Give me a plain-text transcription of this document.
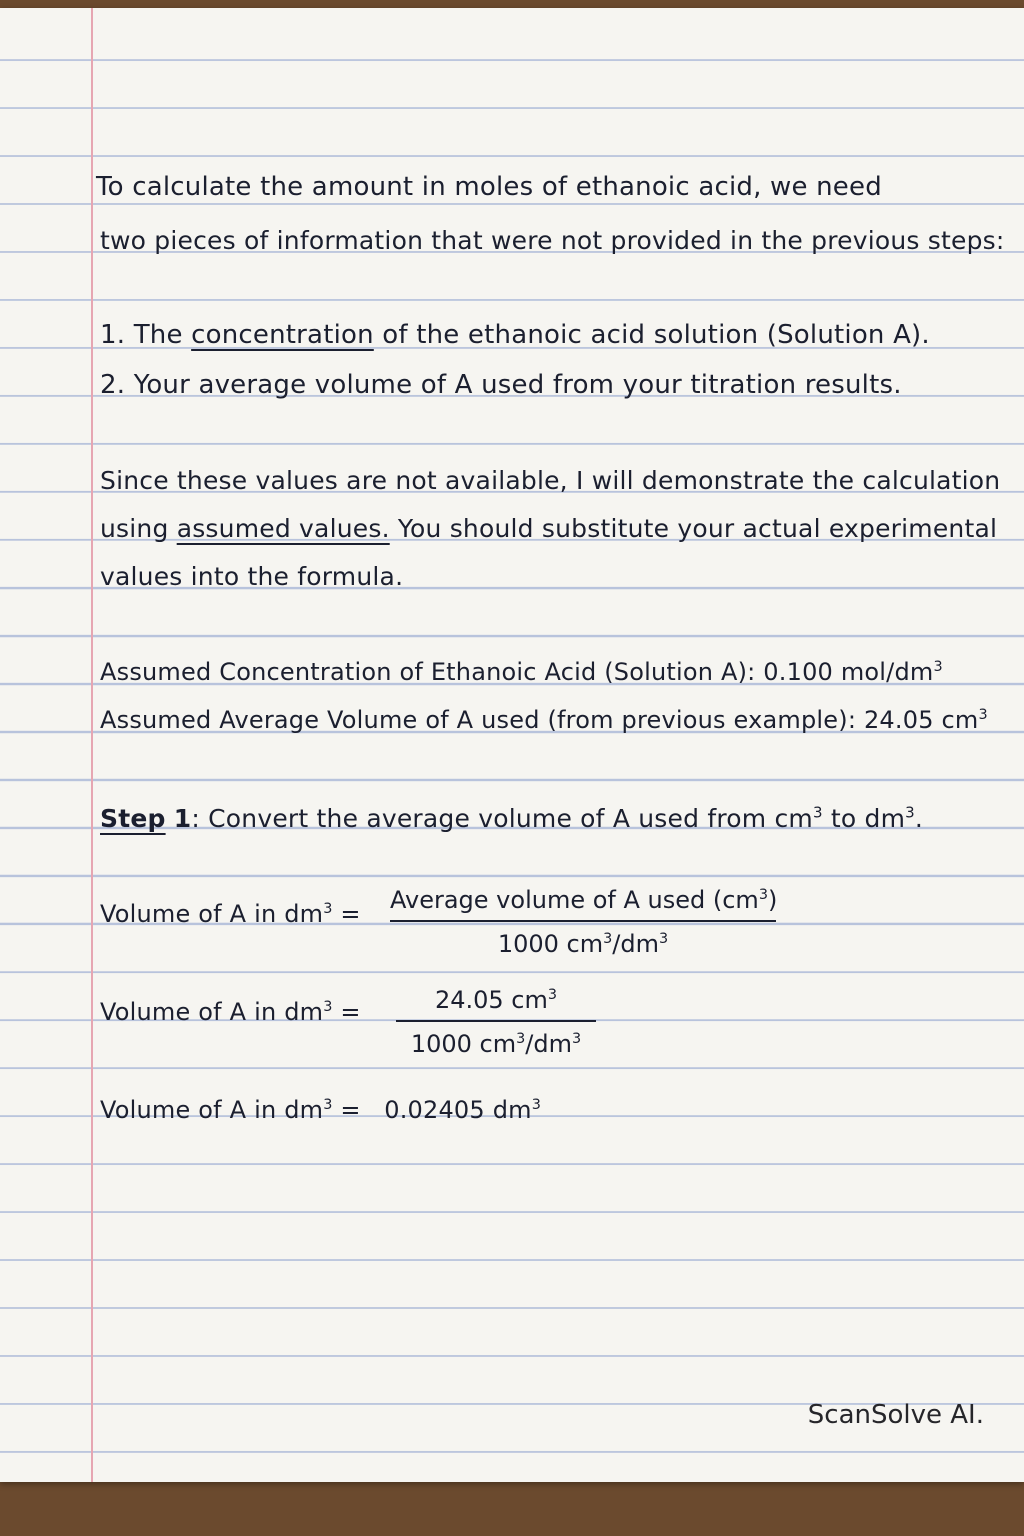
To calculate the amount in moles of ethanoic acid, we need
two pieces of information that were not provided in the previous steps:
1. The concentration of the ethanoic acid solution (Solution A).
2. Your average volume of A used from your titration results.
Since these values are not available, I will demonstrate the calculation
using assumed values. You should substitute your actual experimental
values into the formula.
Assumed Concentration of Ethanoic Acid (Solution A): 0.100 mol/$dm^3$
Assumed Average Volume of A used (from previous example): 24.05 $cm^3$
Step 1: Convert the average volume of A used from $cm^3$ to $dm^3$.
Volume of A in $dm^3$ = Average volume of A used $(cm^3)$
1000 $cm^3/dm^3$
Volume of A in $dm^3$ =	24.05 $cm^3$
1000 $cm^3/dm^3$
Volume of A in $dm^3 = 0.02405$ $dm^3$
ScanSolve AI.
